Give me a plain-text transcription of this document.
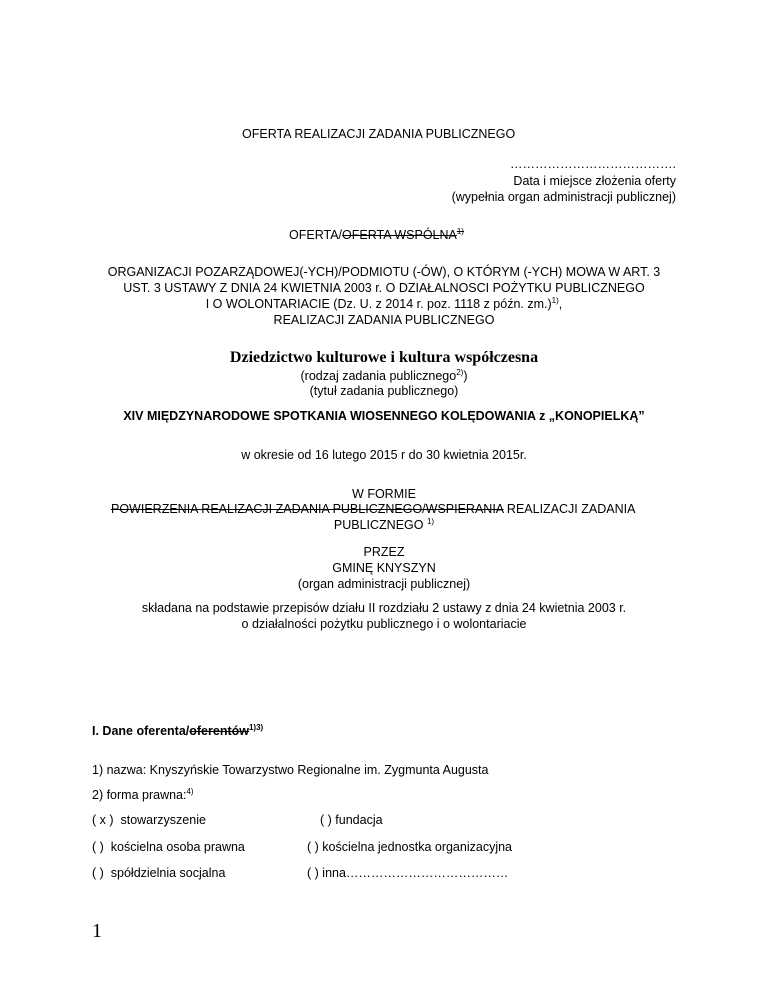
OFERTA REALIZACJI ZADANIA PUBLICZNEGO
………………………………….
Data i miejsce złożenia oferty
(wypełnia organ administracji publicznej)
OFERTA/OFERTA WSPÓLNA$^{1)}$
ORGANIZACJI POZARZĄDOWEJ(-YCH)/PODMIOTU (-ÓW), O KTÓRYM (-YCH) MOWA W ART. 3
UST. 3 USTAWY Z DNIA 24 KWIETNIA 2003 r. O DZIAŁALNOSCI POŻYTKU PUBLICZNEGO
I O WOLONTARIACIE (Dz. U. z 2014 r. poz. 1118 z późn. zm.)$^{1)}$,
REALIZACJI ZADANIA PUBLICZNEGO
Dziedzictwo kulturowe i kultura współczesna
(rodzaj zadania publicznego$^{2)}$)
(tytuł zadania publicznego)
XIV MIĘDZYNARODOWE SPOTKANIA WIOSENNEGO KOLĘDOWANIA z „KONOPIELKĄ”
w okresie od 16 lutego 2015 r do 30 kwietnia 2015r.
W FORMIE
POWIERZENIA REALIZACJI ZADANIA PUBLICZNEGO/WSPIERANIA REALIZACJI ZADANIA
PUBLICZNEGO $^{1)}$
PRZEZ
GMINĘ KNYSZYN
(organ administracji publicznej)
składana na podstawie przepisów działu II rozdziału 2 ustawy z dnia 24 kwietnia 2003 r.
o działalności pożytku publicznego i o wolontariacie
I. Dane oferenta/oferentów$^{1)3)}$
1) nazwa: Knyszyńskie Towarzystwo Regionalne im. Zygmunta Augusta
2) forma prawna:$^{4)}$
( x ) stowarzyszenie	( ) fundacja
( ) kościelna osoba prawna	( ) kościelna jednostka organizacyjna
( ) spółdzielnia socjalna	( ) inna…………………………………
1
